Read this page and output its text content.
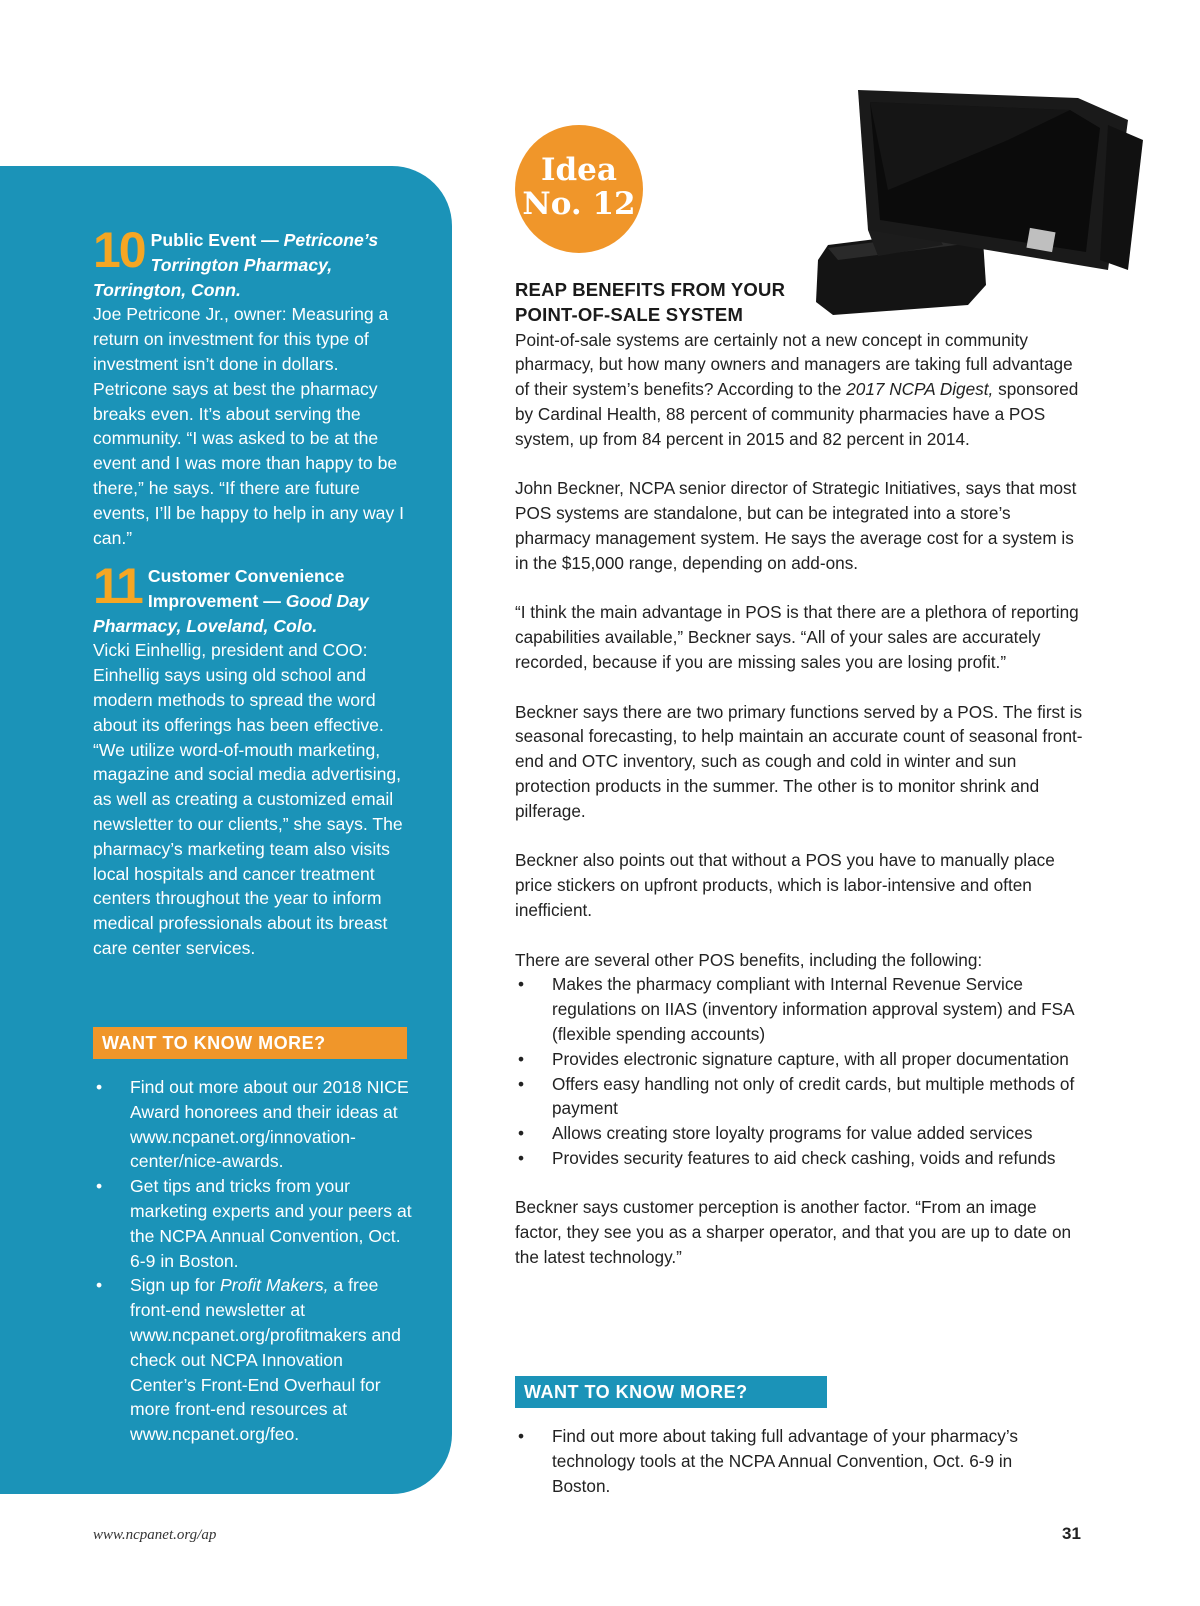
10 Public Event — Petricone’s
Torrington Pharmacy,
Torrington, Conn.

Joe Petricone Jr., owner: Measuring a return on investment for this type of investment isn’t done in dollars. Petricone says at best the pharmacy breaks even. It’s about serving the community. “I was asked to be at the event and I was more than happy to be there,” he says. “If there are future events, I’ll be happy to help in any way I can.”

11 Customer Convenience
Improvement — Good Day
Pharmacy, Loveland, Colo.

Vicki Einhellig, president and COO: Einhellig says using old school and modern methods to spread the word about its offerings has been effective. “We utilize word-of-mouth marketing, magazine and social media advertising, as well as creating a customized email newsletter to our clients,” she says. The pharmacy’s marketing team also visits local hospitals and cancer treatment centers throughout the year to inform medical professionals about its breast care center services.

WANT TO KNOW MORE?
• Find out more about our 2018 NICE Award honorees and their ideas at www.ncpanet.org/innovation-center/nice-awards.
• Get tips and tricks from your marketing experts and your peers at the NCPA Annual Convention, Oct. 6-9 in Boston.
• Sign up for Profit Makers, a free front-end newsletter at www.ncpanet.org/profitmakers and check out NCPA Innovation Center’s Front-End Overhaul for more front-end resources at www.ncpanet.org/feo.
Idea
No. 12
REAP BENEFITS FROM YOUR
POINT-OF-SALE SYSTEM

Point-of-sale systems are certainly not a new concept in community pharmacy, but how many owners and managers are taking full advantage of their system’s benefits? According to the 2017 NCPA Digest, sponsored by Cardinal Health, 88 percent of community pharmacies have a POS system, up from 84 percent in 2015 and 82 percent in 2014.

John Beckner, NCPA senior director of Strategic Initiatives, says that most POS systems are standalone, but can be integrated into a store’s pharmacy management system. He says the average cost for a system is in the $15,000 range, depending on add-ons.

“I think the main advantage in POS is that there are a plethora of reporting capabilities available,” Beckner says. “All of your sales are accurately recorded, because if you are missing sales you are losing profit.”

Beckner says there are two primary functions served by a POS. The first is seasonal forecasting, to help maintain an accurate count of seasonal front-end and OTC inventory, such as cough and cold in winter and sun protection products in the summer. The other is to monitor shrink and pilferage.

Beckner also points out that without a POS you have to manually place price stickers on upfront products, which is labor-intensive and often inefficient.

There are several other POS benefits, including the following:

• Makes the pharmacy compliant with Internal Revenue Service regulations on IIAS (inventory information approval system) and FSA (flexible spending accounts)
• Provides electronic signature capture, with all proper documentation
• Offers easy handling not only of credit cards, but multiple methods of payment
• Allows creating store loyalty programs for value added services
• Provides security features to aid check cashing, voids and refunds

Beckner says customer perception is another factor. “From an image factor, they see you as a sharper operator, and that you are up to date on the latest technology.”

WANT TO KNOW MORE?
• Find out more about taking full advantage of your pharmacy’s technology tools at the NCPA Annual Convention, Oct. 6-9 in Boston.
www.ncpanet.org/ap	31
